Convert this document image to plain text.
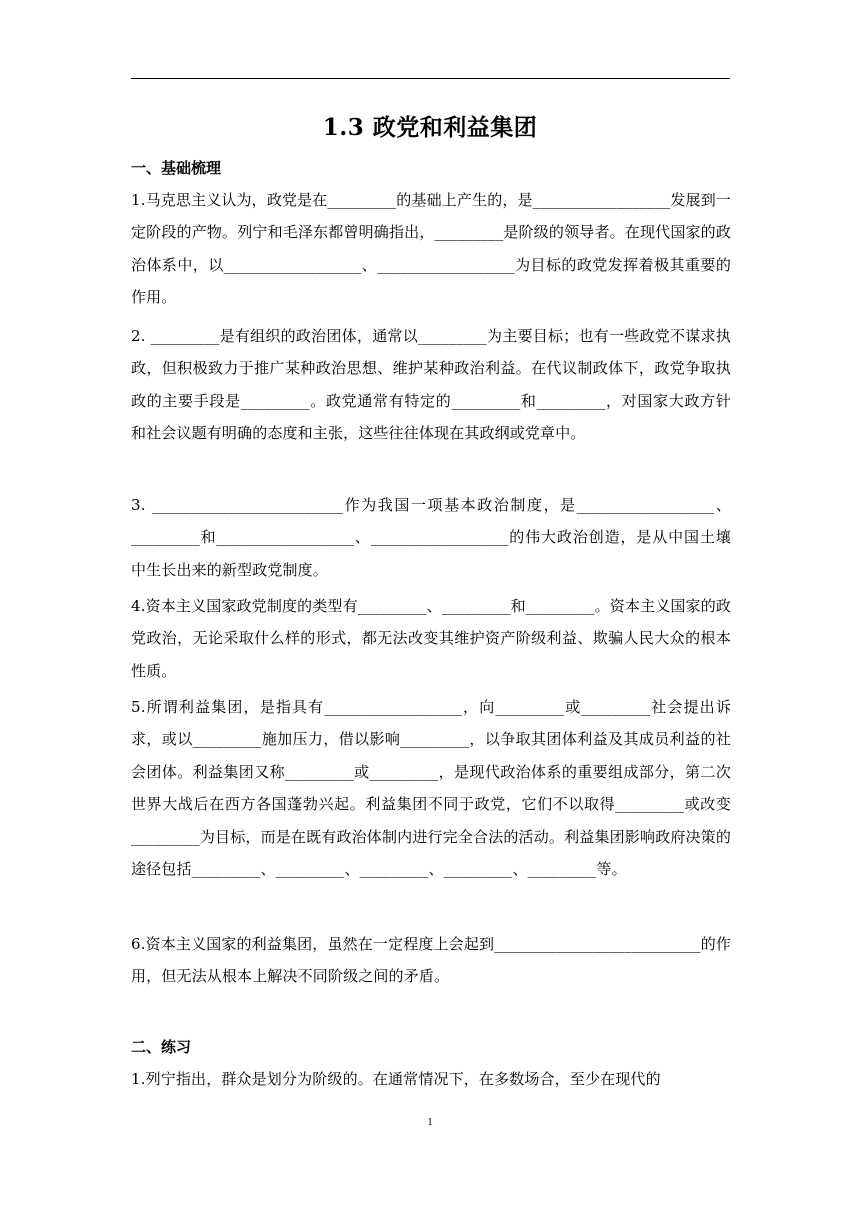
1.3 政党和利益集团
一、基础梳理
1.马克思主义认为，政党是在_________的基础上产生的，是__________________发展到一定阶段的产物。列宁和毛泽东都曾明确指出，_________是阶级的领导者。在现代国家的政治体系中，以__________________、__________________为目标的政党发挥着极其重要的作用。
2. _________是有组织的政治团体，通常以_________为主要目标；也有一些政党不谋求执政，但积极致力于推广某种政治思想、维护某种政治利益。在代议制政体下，政党争取执政的主要手段是_________。政党通常有特定的_________和_________，对国家大政方针和社会议题有明确的态度和主张，这些往往体现在其政纲或党章中。
3. _________________________作为我国一项基本政治制度，是__________________、_________和__________________、__________________的伟大政治创造，是从中国土壤中生长出来的新型政党制度。
4.资本主义国家政党制度的类型有_________、_________和_________。资本主义国家的政党政治，无论采取什么样的形式，都无法改变其维护资产阶级利益、欺骗人民大众的根本性质。
5.所谓利益集团，是指具有__________________，向_________或_________社会提出诉求，或以_________施加压力，借以影响_________，以争取其团体利益及其成员利益的社会团体。利益集团又称_________或_________，是现代政治体系的重要组成部分，第二次世界大战后在西方各国蓬勃兴起。利益集团不同于政党，它们不以取得_________或改变_________为目标，而是在既有政治体制内进行完全合法的活动。利益集团影响政府决策的途径包括_________、_________、_________、_________、_________等。
6.资本主义国家的利益集团，虽然在一定程度上会起到___________________________的作用，但无法从根本上解决不同阶级之间的矛盾。
二、练习
1.列宁指出，群众是划分为阶级的。在通常情况下，在多数场合，至少在现代的
1
